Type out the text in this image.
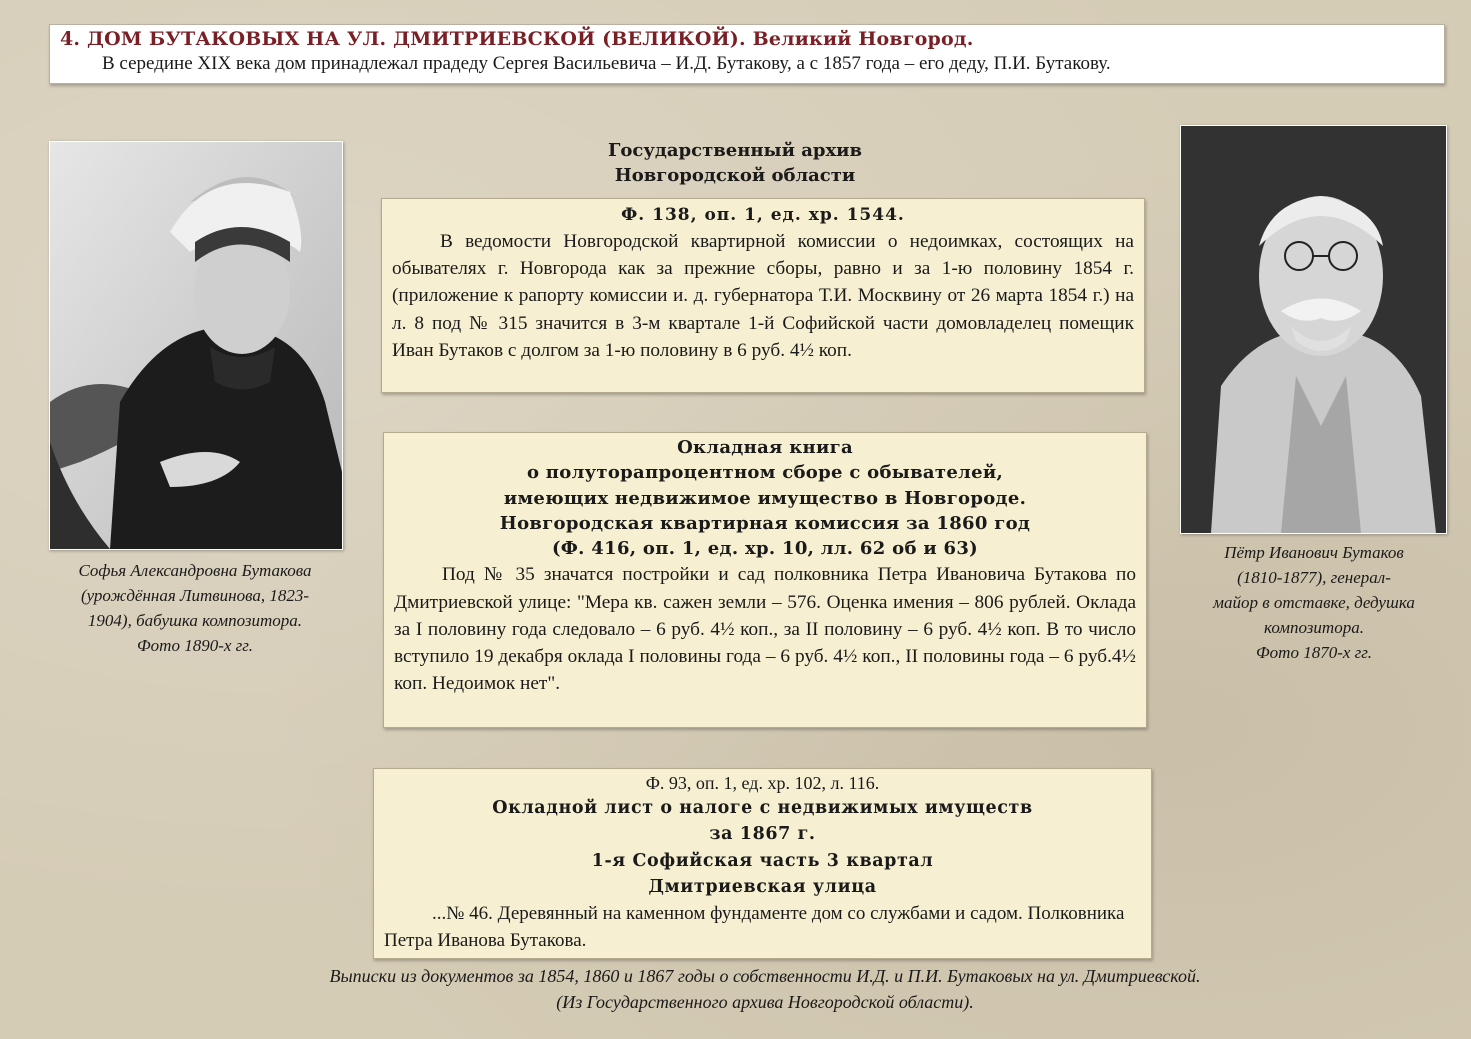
4. ДОМ БУТАКОВЫХ НА УЛ. ДМИТРИЕВСКОЙ (ВЕЛИКОЙ). Великий Новгород.
В середине XIX века дом принадлежал прадеду Сергея Васильевича – И.Д. Бутакову, а с 1857 года – его деду, П.И. Бутакову.
Софья Александровна Бутакова
(урождённая Литвинова, 1823-
1904), бабушка композитора.
Фото 1890-х гг.
Пётр Иванович Бутаков
(1810-1877), генерал-
майор в отставке, дедушка
композитора.
Фото 1870-х гг.
Государственный архив
Новгородской области

Ф. 138, оп. 1, ед. хр. 1544.

В ведомости Новгородской квартирной комиссии о недоимках, состоящих на обывателях г. Новгорода как за прежние сборы, равно и за 1-ю половину 1854 г. (приложение к рапорту комиссии и. д. губернатора Т.И. Москвину от 26 марта 1854 г.) на л. 8 под № 315 значится в 3-м квартале 1-й Софийской части домовладелец помещик Иван Бутаков с долгом за 1-ю половину в 6 руб. 4½ коп.

Окладная книга

о полуторапроцентном сборе с обывателей,

имеющих недвижимое имущество в Новгороде.

Новгородская квартирная комиссия за 1860 год

(Ф. 416, оп. 1, ед. хр. 10, лл. 62 об и 63)

Под № 35 значатся постройки и сад полковника Петра Ивановича Бутакова по Дмитриевской улице: "Мера кв. сажен земли – 576. Оценка имения – 806 рублей. Оклада за I половину года следовало – 6 руб. 4½ коп., за II половину – 6 руб. 4½ коп. В то число вступило 19 декабря оклада I половины года – 6 руб. 4½ коп., II половины года – 6 руб.4½ коп. Недоимок нет".

Ф. 93, оп. 1, ед. хр. 102, л. 116.

Окладной лист о налоге с недвижимых имуществ

за 1867 г.

1-я Софийская часть 3 квартал

Дмитриевская улица

...№ 46. Деревянный на каменном фундаменте дом со службами и садом. Полковника Петра Иванова Бутакова.

Выписки из документов за 1854, 1860 и 1867 годы о собственности И.Д. и П.И. Бутаковых на ул. Дмитриевской.
(Из Государственного архива Новгородской области).
